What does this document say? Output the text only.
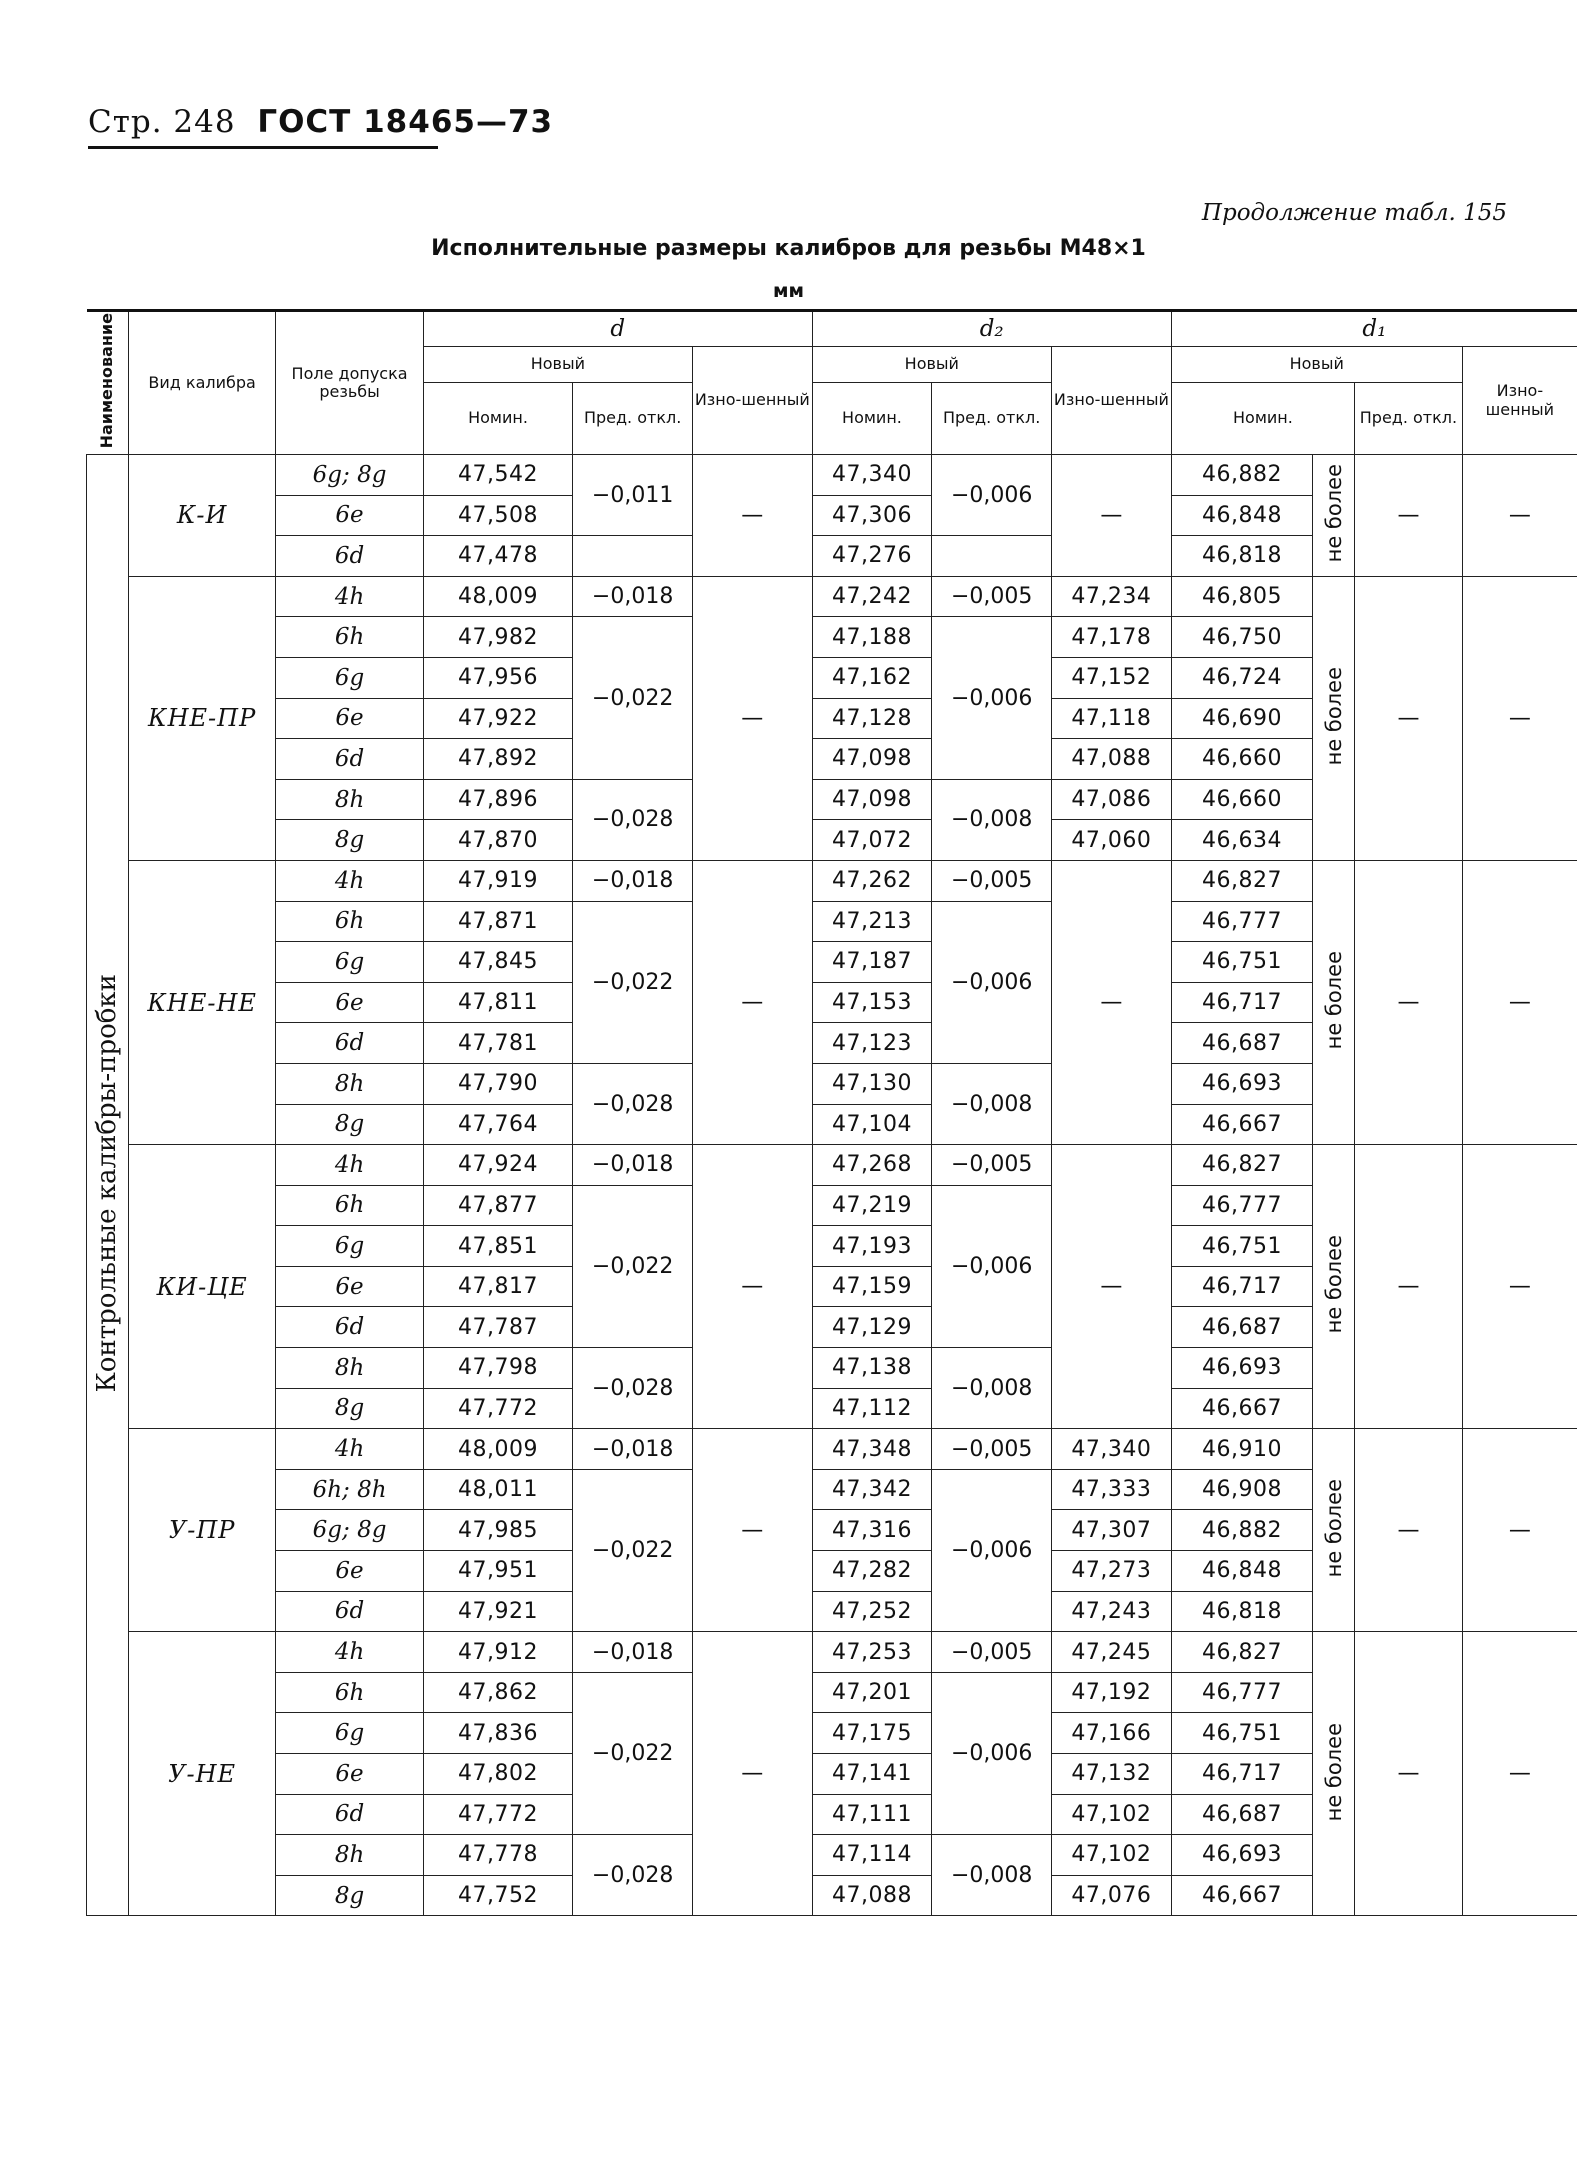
Стр. 248 ГОСТ 18465—73
Продолжение табл. 155
Исполнительные размеры калибров для резьбы М48×1
мм
Наименование	Вид калибра	Поле допуска резьбы	d			d₂			d₁			
			Новый		Изно-шенный	Новый		Изно-шенный	Новый			Изно-шенный
			Номин.	Пред. откл.		Номин.	Пред. откл.		Номин.		Пред. откл.	
Контрольные калибры-пробки	К-И	6g; 8g	47,542	−0,011	—	47,340	−0,006	—	46,882	не более	—	—
		6e	47,508			47,306			46,848			
		6d	47,478			47,276			46,818			
	КНЕ-ПР	4h	48,009	−0,018	—	47,242	−0,005	47,234	46,805	не более	—	—
		6h	47,982	−0,022		47,188	−0,006	47,178	46,750			
		6g	47,956			47,162		47,152	46,724			
		6e	47,922			47,128		47,118	46,690			
		6d	47,892			47,098		47,088	46,660			
		8h	47,896	−0,028		47,098	−0,008	47,086	46,660			
		8g	47,870			47,072		47,060	46,634			
	КНЕ-НЕ	4h	47,919	−0,018	—	47,262	−0,005	—	46,827	не более	—	—
		6h	47,871	−0,022		47,213	−0,006		46,777			
		6g	47,845			47,187			46,751			
		6e	47,811			47,153			46,717			
		6d	47,781			47,123			46,687			
		8h	47,790	−0,028		47,130	−0,008		46,693			
		8g	47,764			47,104			46,667			
	КИ-ЦЕ	4h	47,924	−0,018	—	47,268	−0,005	—	46,827	не более	—	—
		6h	47,877	−0,022		47,219	−0,006		46,777			
		6g	47,851			47,193			46,751			
		6e	47,817			47,159			46,717			
		6d	47,787			47,129			46,687			
		8h	47,798	−0,028		47,138	−0,008		46,693			
		8g	47,772			47,112			46,667			
	У-ПР	4h	48,009	−0,018	—	47,348	−0,005	47,340	46,910	не более	—	—
		6h; 8h	48,011	−0,022		47,342	−0,006	47,333	46,908			
		6g; 8g	47,985			47,316		47,307	46,882			
		6e	47,951			47,282		47,273	46,848			
		6d	47,921			47,252		47,243	46,818			
	У-НЕ	4h	47,912	−0,018	—	47,253	−0,005	47,245	46,827	не более	—	—
		6h	47,862	−0,022		47,201	−0,006	47,192	46,777			
		6g	47,836			47,175		47,166	46,751			
		6e	47,802			47,141		47,132	46,717			
		6d	47,772			47,111		47,102	46,687			
		8h	47,778	−0,028		47,114	−0,008	47,102	46,693			
		8g	47,752			47,088		47,076	46,667			
